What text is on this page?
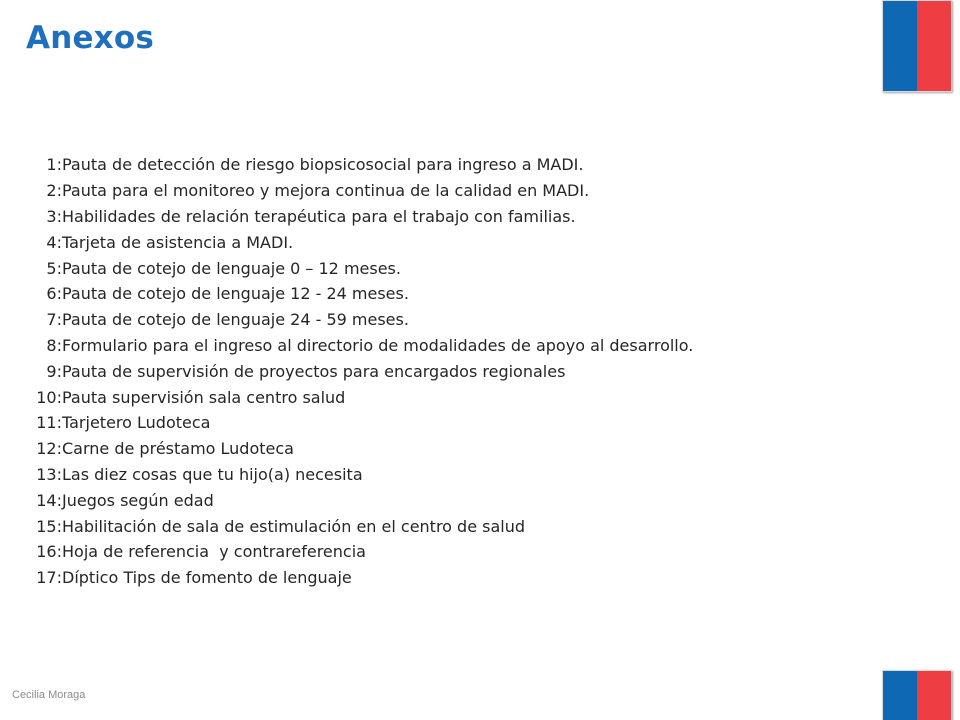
Anexos
1: Pauta de detección de riesgo biopsicosocial para ingreso a MADI.
2: Pauta para el monitoreo y mejora continua de la calidad en MADI.
3: Habilidades de relación terapéutica para el trabajo con familias.
4: Tarjeta de asistencia a MADI.
5: Pauta de cotejo de lenguaje 0 – 12 meses.
6: Pauta de cotejo de lenguaje 12 - 24 meses.
7: Pauta de cotejo de lenguaje 24 - 59 meses.
8: Formulario para el ingreso al directorio de modalidades de apoyo al desarrollo.
9: Pauta de supervisión de proyectos para encargados regionales
10: Pauta supervisión sala centro salud
11: Tarjetero Ludoteca
12: Carne de préstamo Ludoteca
13: Las diez cosas que tu hijo(a) necesita
14: Juegos según edad
15: Habilitación de sala de estimulación en el centro de salud
16: Hoja de referencia  y contrareferencia
17: Díptico Tips de fomento de lenguaje
Cecilia Moraga
